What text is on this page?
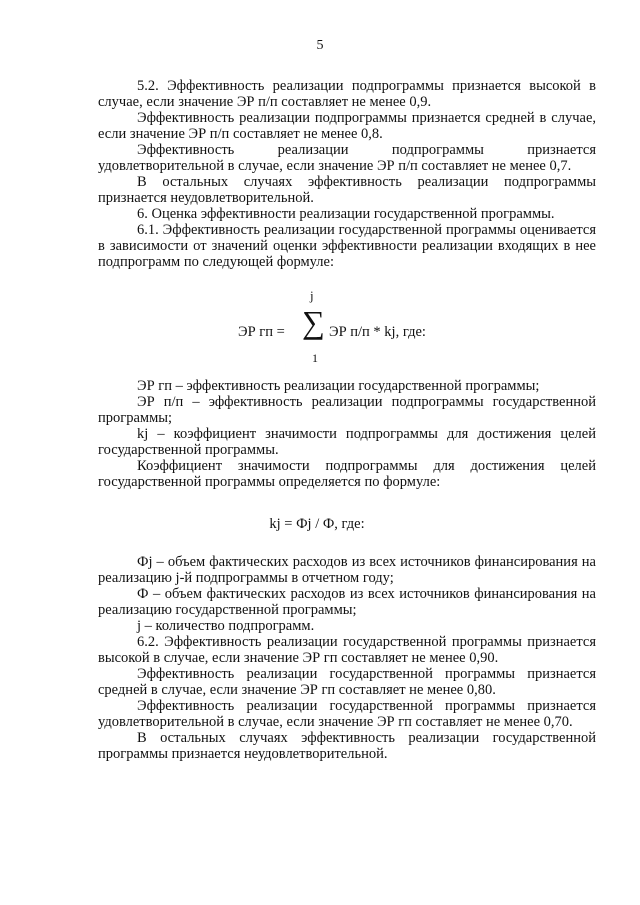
5

5.2. Эффективность реализации подпрограммы признается высокой в случае, если значение ЭР п/п составляет не менее 0,9.

Эффективность реализации подпрограммы признается средней в случае, если значение ЭР п/п составляет не менее 0,8.

Эффективность реализации подпрограммы признается удовлетворительной в случае, если значение ЭР п/п составляет не менее 0,7.

В остальных случаях эффективность реализации подпрограммы признается неудовлетворительной.

6. Оценка эффективности реализации государственной программы.

6.1. Эффективность реализации государственной программы оценивается в зависимости от значений оценки эффективности реализации входящих в нее подпрограмм по следующей формуле:

j
ЭР гп = ∑ ЭР п/п * kj, где:
1

ЭР гп – эффективность реализации государственной программы;

ЭР п/п – эффективность реализации подпрограммы государственной программы;

kj – коэффициент значимости подпрограммы для достижения целей государственной программы.

Коэффициент значимости подпрограммы для достижения целей государственной программы определяется по формуле:

kj = Фj / Ф, где:

Фj – объем фактических расходов из всех источников финансирования на реализацию j-й подпрограммы в отчетном году;

Ф – объем фактических расходов из всех источников финансирования на реализацию государственной программы;

j – количество подпрограмм.

6.2. Эффективность реализации государственной программы признается высокой в случае, если значение ЭР гп составляет не менее 0,90.

Эффективность реализации государственной программы признается средней в случае, если значение ЭР гп составляет не менее 0,80.

Эффективность реализации государственной программы признается удовлетворительной в случае, если значение ЭР гп составляет не менее 0,70.

В остальных случаях эффективность реализации государственной программы признается неудовлетворительной.
